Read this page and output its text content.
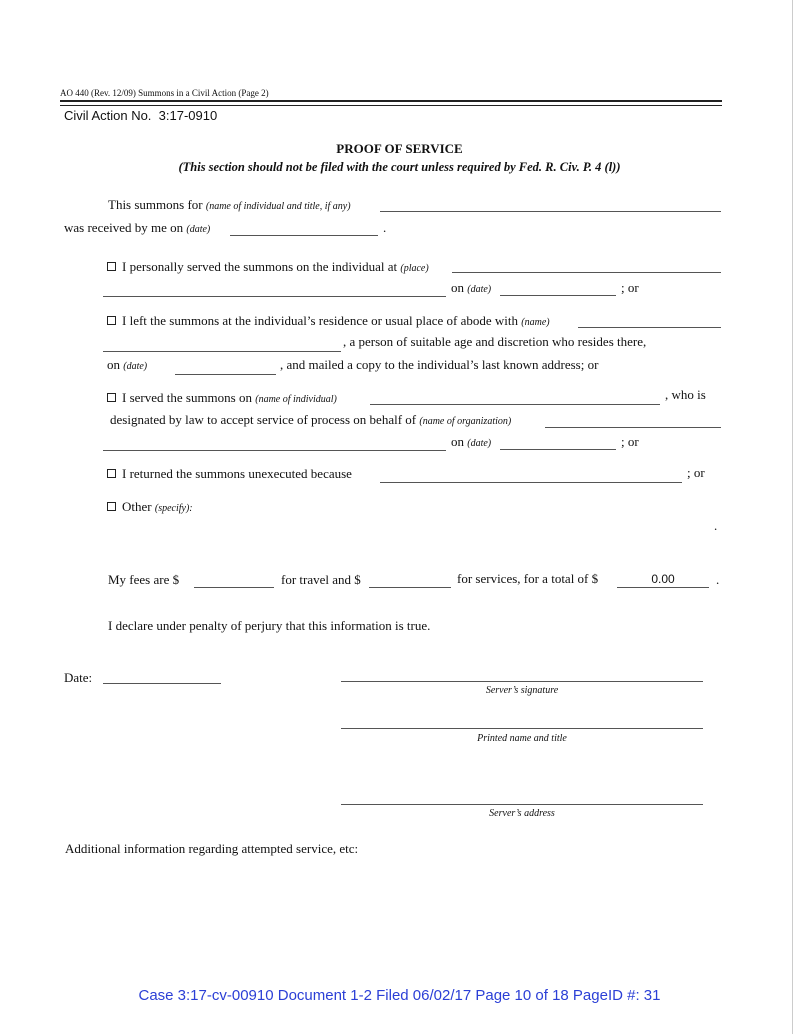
AO 440 (Rev. 12/09) Summons in a Civil Action (Page 2)
Civil Action No. 3:17-0910
PROOF OF SERVICE
(This section should not be filed with the court unless required by Fed. R. Civ. P. 4 (l))
This summons for (name of individual and title, if any)
was received by me on (date)	.
I personally served the summons on the individual at (place)
on (date)	; or
I left the summons at the individual’s residence or usual place of abode with (name)
, a person of suitable age and discretion who resides there,
on (date)	, and mailed a copy to the individual’s last known address; or
I served the summons on (name of individual)	, who is
designated by law to accept service of process on behalf of (name of organization)
on (date)	; or
I returned the summons unexecuted because	; or
Other (specify):
.
My fees are $	for travel and $	for services, for a total of $	0.00	.
I declare under penalty of perjury that this information is true.
Date:
Server’s signature
Printed name and title
Server’s address
Additional information regarding attempted service, etc:
Case 3:17-cv-00910 Document 1-2 Filed 06/02/17 Page 10 of 18 PageID #: 31
